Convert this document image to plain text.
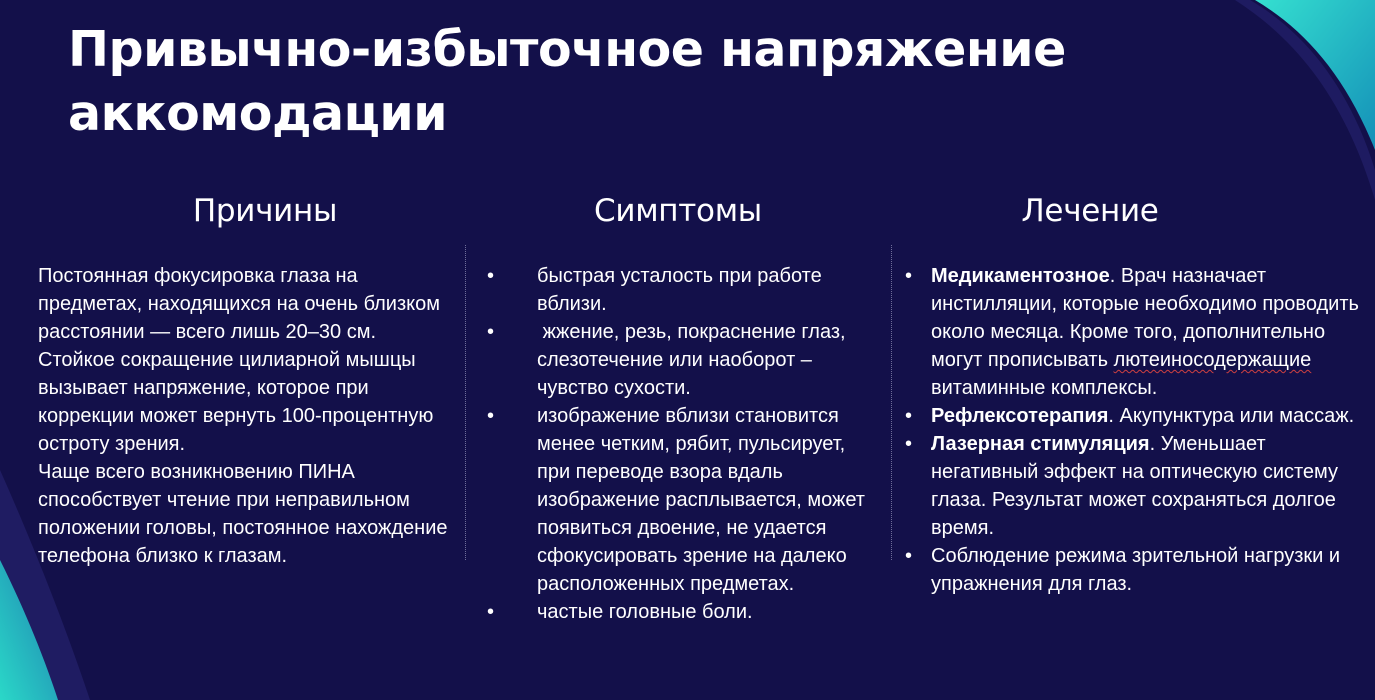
Привычно-избыточное напряжение аккомодации
Причины	Симптомы	Лечение

Постоянная фокусировка глаза на предметах, находящихся на очень близком расстоянии — всего лишь 20–30 см. Стойкое сокращение цилиарной мышцы вызывает напряжение, которое при коррекции может вернуть 100-процентную остроту зрения.

Чаще всего возникновению ПИНА способствует чтение при неправильном положении головы, постоянное нахождение телефона близко к глазам.

• быстрая усталость при работе вблизи.
• жжение, резь, покраснение глаз, слезотечение или наоборот – чувство сухости.
• изображение вблизи становится менее четким, рябит, пульсирует, при переводе взора вдаль изображение расплывается, может появиться двоение, не удается сфокусировать зрение на далеко расположенных предметах.
• частые головные боли.
• Медикаментозное. Врач назначает инстилляции, которые необходимо проводить около месяца. Кроме того, дополнительно могут прописывать лютеиносодержащие витаминные комплексы.
• Рефлексотерапия. Акупунктура или массаж.
• Лазерная стимуляция. Уменьшает негативный эффект на оптическую систему глаза. Результат может сохраняться долгое время.
• Соблюдение режима зрительной нагрузки и упражнения для глаз.
